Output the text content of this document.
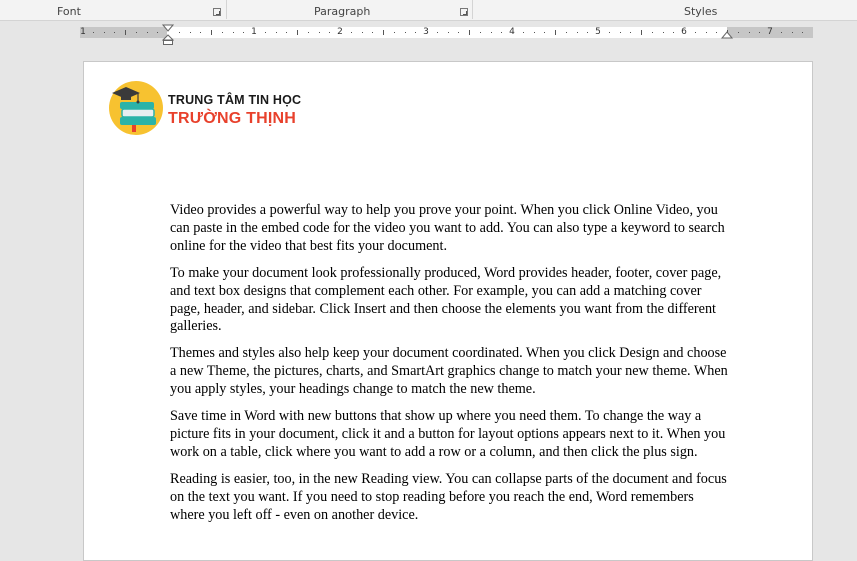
Font	Paragraph	Styles
1	1	2	3	4	5	6	7
TRUNG TÂM TIN HỌC
TRƯỜNG THỊNH

Video provides a powerful way to help you prove your point. When you click Online Video, you can paste in the embed code for the video you want to add. You can also type a keyword to search online for the video that best fits your document.

To make your document look professionally produced, Word provides header, footer, cover page, and text box designs that complement each other. For example, you can add a matching cover page, header, and sidebar. Click Insert and then choose the elements you want from the different galleries.

Themes and styles also help keep your document coordinated. When you click Design and choose a new Theme, the pictures, charts, and SmartArt graphics change to match your new theme. When you apply styles, your headings change to match the new theme.

Save time in Word with new buttons that show up where you need them. To change the way a picture fits in your document, click it and a button for layout options appears next to it. When you work on a table, click where you want to add a row or a column, and then click the plus sign.

Reading is easier, too, in the new Reading view. You can collapse parts of the document and focus on the text you want. If you need to stop reading before you reach the end, Word remembers where you left off - even on another device.
